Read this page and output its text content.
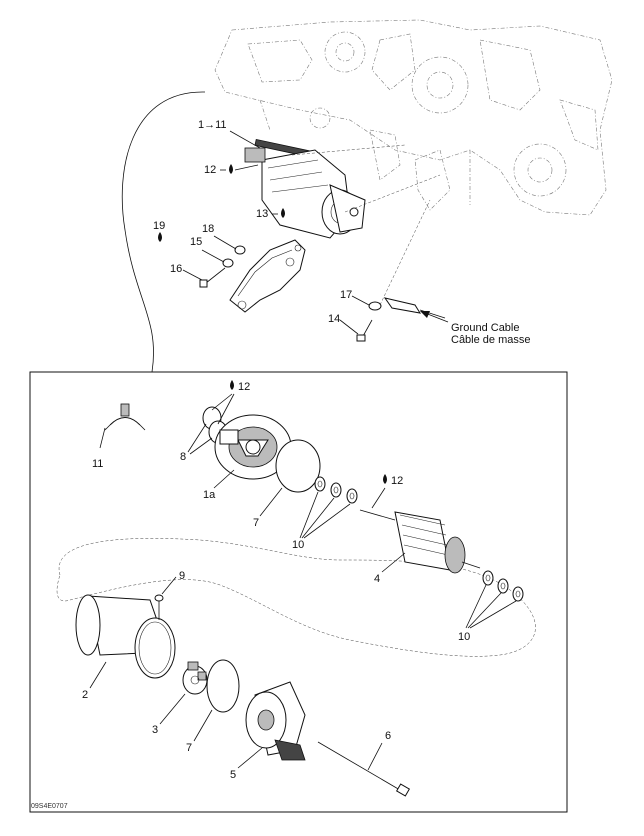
1→11
12
13
19	18
15
16
17
14
Ground Cable
Câble de masse
12
11
8
1a
7
10
12
4
9
10
2
3
7
6
5
09S4E0707
